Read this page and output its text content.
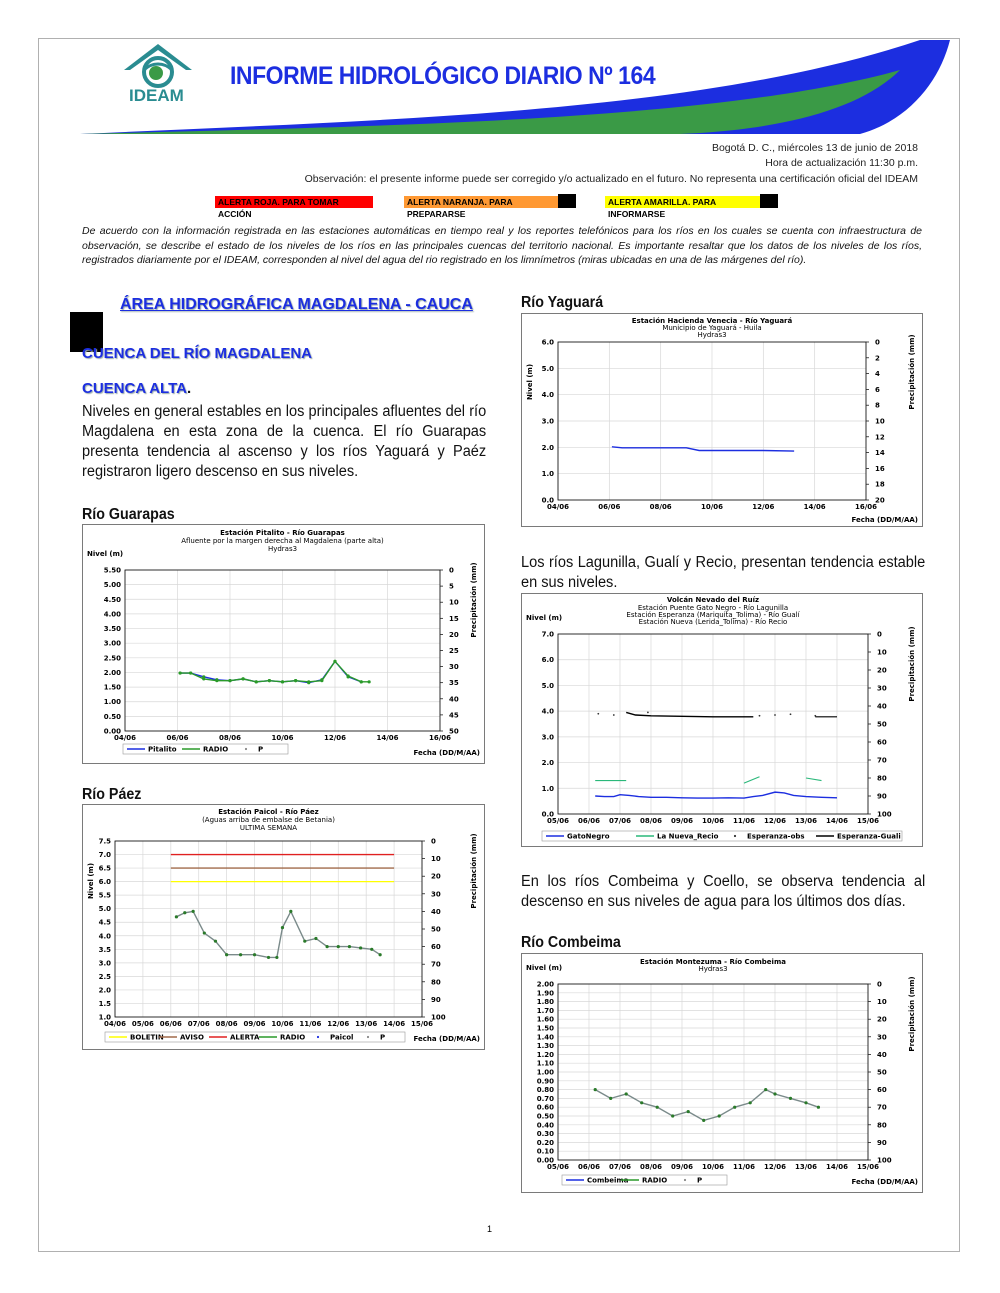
IDEAM
INFORME HIDROLÓGICO DIARIO Nº 164
Bogotá D. C., miércoles 13 de junio de 2018
Hora de actualización 11:30 p.m.
Observación: el presente informe puede ser corregido y/o actualizado en el futuro. No representa una certificación oficial del IDEAM
ALERTA ROJA. PARA TOMAR ACCIÓN
ALERTA NARANJA. PARA PREPARARSE
ALERTA AMARILLA. PARA INFORMARSE
De acuerdo con la información registrada en las estaciones automáticas en tiempo real y los reportes telefónicos para los ríos en los cuales se cuenta con infraestructura de observación, se describe el estado de los niveles de los ríos en las principales cuencas del territorio nacional. Es importante resaltar que los datos de los niveles de los ríos, registrados diariamente por el IDEAM, corresponden al nivel del agua del rio registrado en los limnímetros (miras ubicadas en una de las márgenes del río).
ÁREA HIDROGRÁFICA MAGDALENA - CAUCA
CUENCA DEL RÍO MAGDALENA
CUENCA ALTA.
Niveles en general estables en los principales afluentes del río Magdalena en esta zona de la cuenca. El río Guarapas presenta tendencia al ascenso y los ríos Yaguará y Paéz registraron ligero descenso en sus niveles.
Río Guarapas
Estación Pitalito - Río Guarapas
Afluente por la margen derecha al Magdalena (parte alta)
Hydras3
0.00
0.50
1.00
1.50
2.00
2.50
3.00
3.50
4.00
4.50
5.00
5.50
50
45
40
35
30
25
20
15
10
5
0
04/06	06/06	08/06	10/06	12/06	14/06	16/06
Nivel (m)
Precipitación (mm)
Fecha (DD/M/AA)
Pitalito	RADIO	P
Río Páez
Estación Paicol - Río Páez
(Aguas arriba de embalse de Betania)
ULTIMA SEMANA
1.0
1.5
2.0
2.5
3.0
3.5
4.0
4.5
5.0
5.5
6.0
6.5
7.0
7.5
100
90
80
70
60
50
40
30
20
10
0
04/06 05/06 06/06 07/06 08/06 09/06 10/06 11/06 12/06 13/06 14/06 15/06
Nivel (m)	Precipitación (mm)
Fecha (DD/M/AA)
BOLETIN AVISO	ALERTA	RADIO	Paicol	P
Río Yaguará
Estación Hacienda Venecia - Río Yaguará
Municipio de Yaguará - Huila
Hydras3
0.0
1.0
2.0
3.0
4.0
5.0
6.0
20
18
16
14
12
10
8
6
4
2
0
04/06	06/06	08/06	10/06	12/06	14/06	16/06
Nivel (m)	Precipitación (mm)
Fecha (DD/M/AA)
Los ríos Lagunilla, Gualí y Recio, presentan tendencia estable en sus niveles.
Volcán Nevado del Ruíz
Estación Puente Gato Negro - Río Lagunilla
Estación Esperanza (Mariquita_Tolima) - Río Gualí
Estación Nueva (Lerida_Tolima) - Río Recio
0.0
1.0
2.0
3.0
4.0
5.0
6.0
7.0
100
90
80
70
60
50
40
30
20
10
0
05/06 06/06 07/06 08/06 09/06 10/06 11/06 12/06 13/06 14/06 15/06
Nivel (m)
Precipitación (mm)
GatoNegro	La Nueva_Recio	Esperanza-obs	Esperanza-Guali
En los ríos Combeima y Coello, se observa tendencia al descenso en sus niveles de agua para los últimos dos días.
Río Combeima
Estación Montezuma - Río Combeima
Hydras3
0.00
0.10
0.20
0.30
0.40
0.50
0.60
0.70
0.80
0.90
1.00
1.10
1.20
1.30
1.40
1.50
1.60
1.70
1.80
1.90
2.00
100
90
80
70
60
50
40
30
20
10
0
05/06 06/06 07/06 08/06 09/06 10/06 11/06 12/06 13/06 14/06 15/06
Nivel (m)
Precipitación (mm)
Fecha (DD/M/AA)
Combeima RADIO	P
1
